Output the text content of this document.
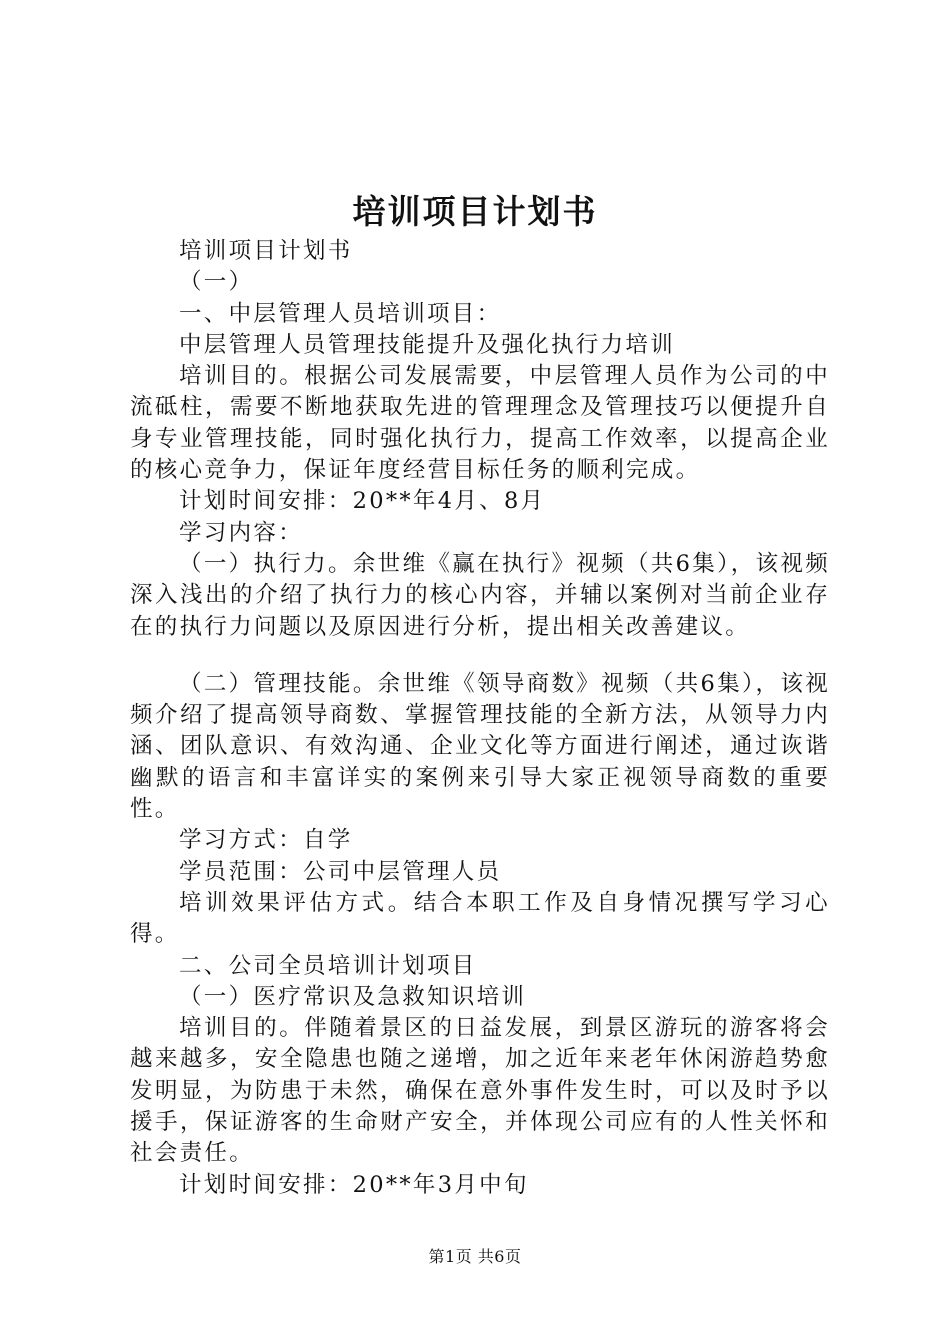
培训项目计划书

培训项目计划书

（一）

一、中层管理人员培训项目：

中层管理人员管理技能提升及强化执行力培训

培训目的。根据公司发展需要，中层管理人员作为公司的中流砥柱，需要不断地获取先进的管理理念及管理技巧以便提升自身专业管理技能，同时强化执行力，提高工作效率，以提高企业的核心竞争力，保证年度经营目标任务的顺利完成。

计划时间安排：20**年4月、8月

学习内容：

（一）执行力。余世维《赢在执行》视频（共6集），该视频深入浅出的介绍了执行力的核心内容，并辅以案例对当前企业存在的执行力问题以及原因进行分析，提出相关改善建议。

（二）管理技能。余世维《领导商数》视频（共6集），该视频介绍了提高领导商数、掌握管理技能的全新方法，从领导力内涵、团队意识、有效沟通、企业文化等方面进行阐述，通过诙谐幽默的语言和丰富详实的案例来引导大家正视领导商数的重要性。

学习方式：自学

学员范围：公司中层管理人员

培训效果评估方式。结合本职工作及自身情况撰写学习心得。

二、公司全员培训计划项目

（一）医疗常识及急救知识培训

培训目的。伴随着景区的日益发展，到景区游玩的游客将会越来越多，安全隐患也随之递增，加之近年来老年休闲游趋势愈发明显，为防患于未然，确保在意外事件发生时，可以及时予以援手，保证游客的生命财产安全，并体现公司应有的人性关怀和社会责任。

计划时间安排：20**年3月中旬

第1页 共6页
